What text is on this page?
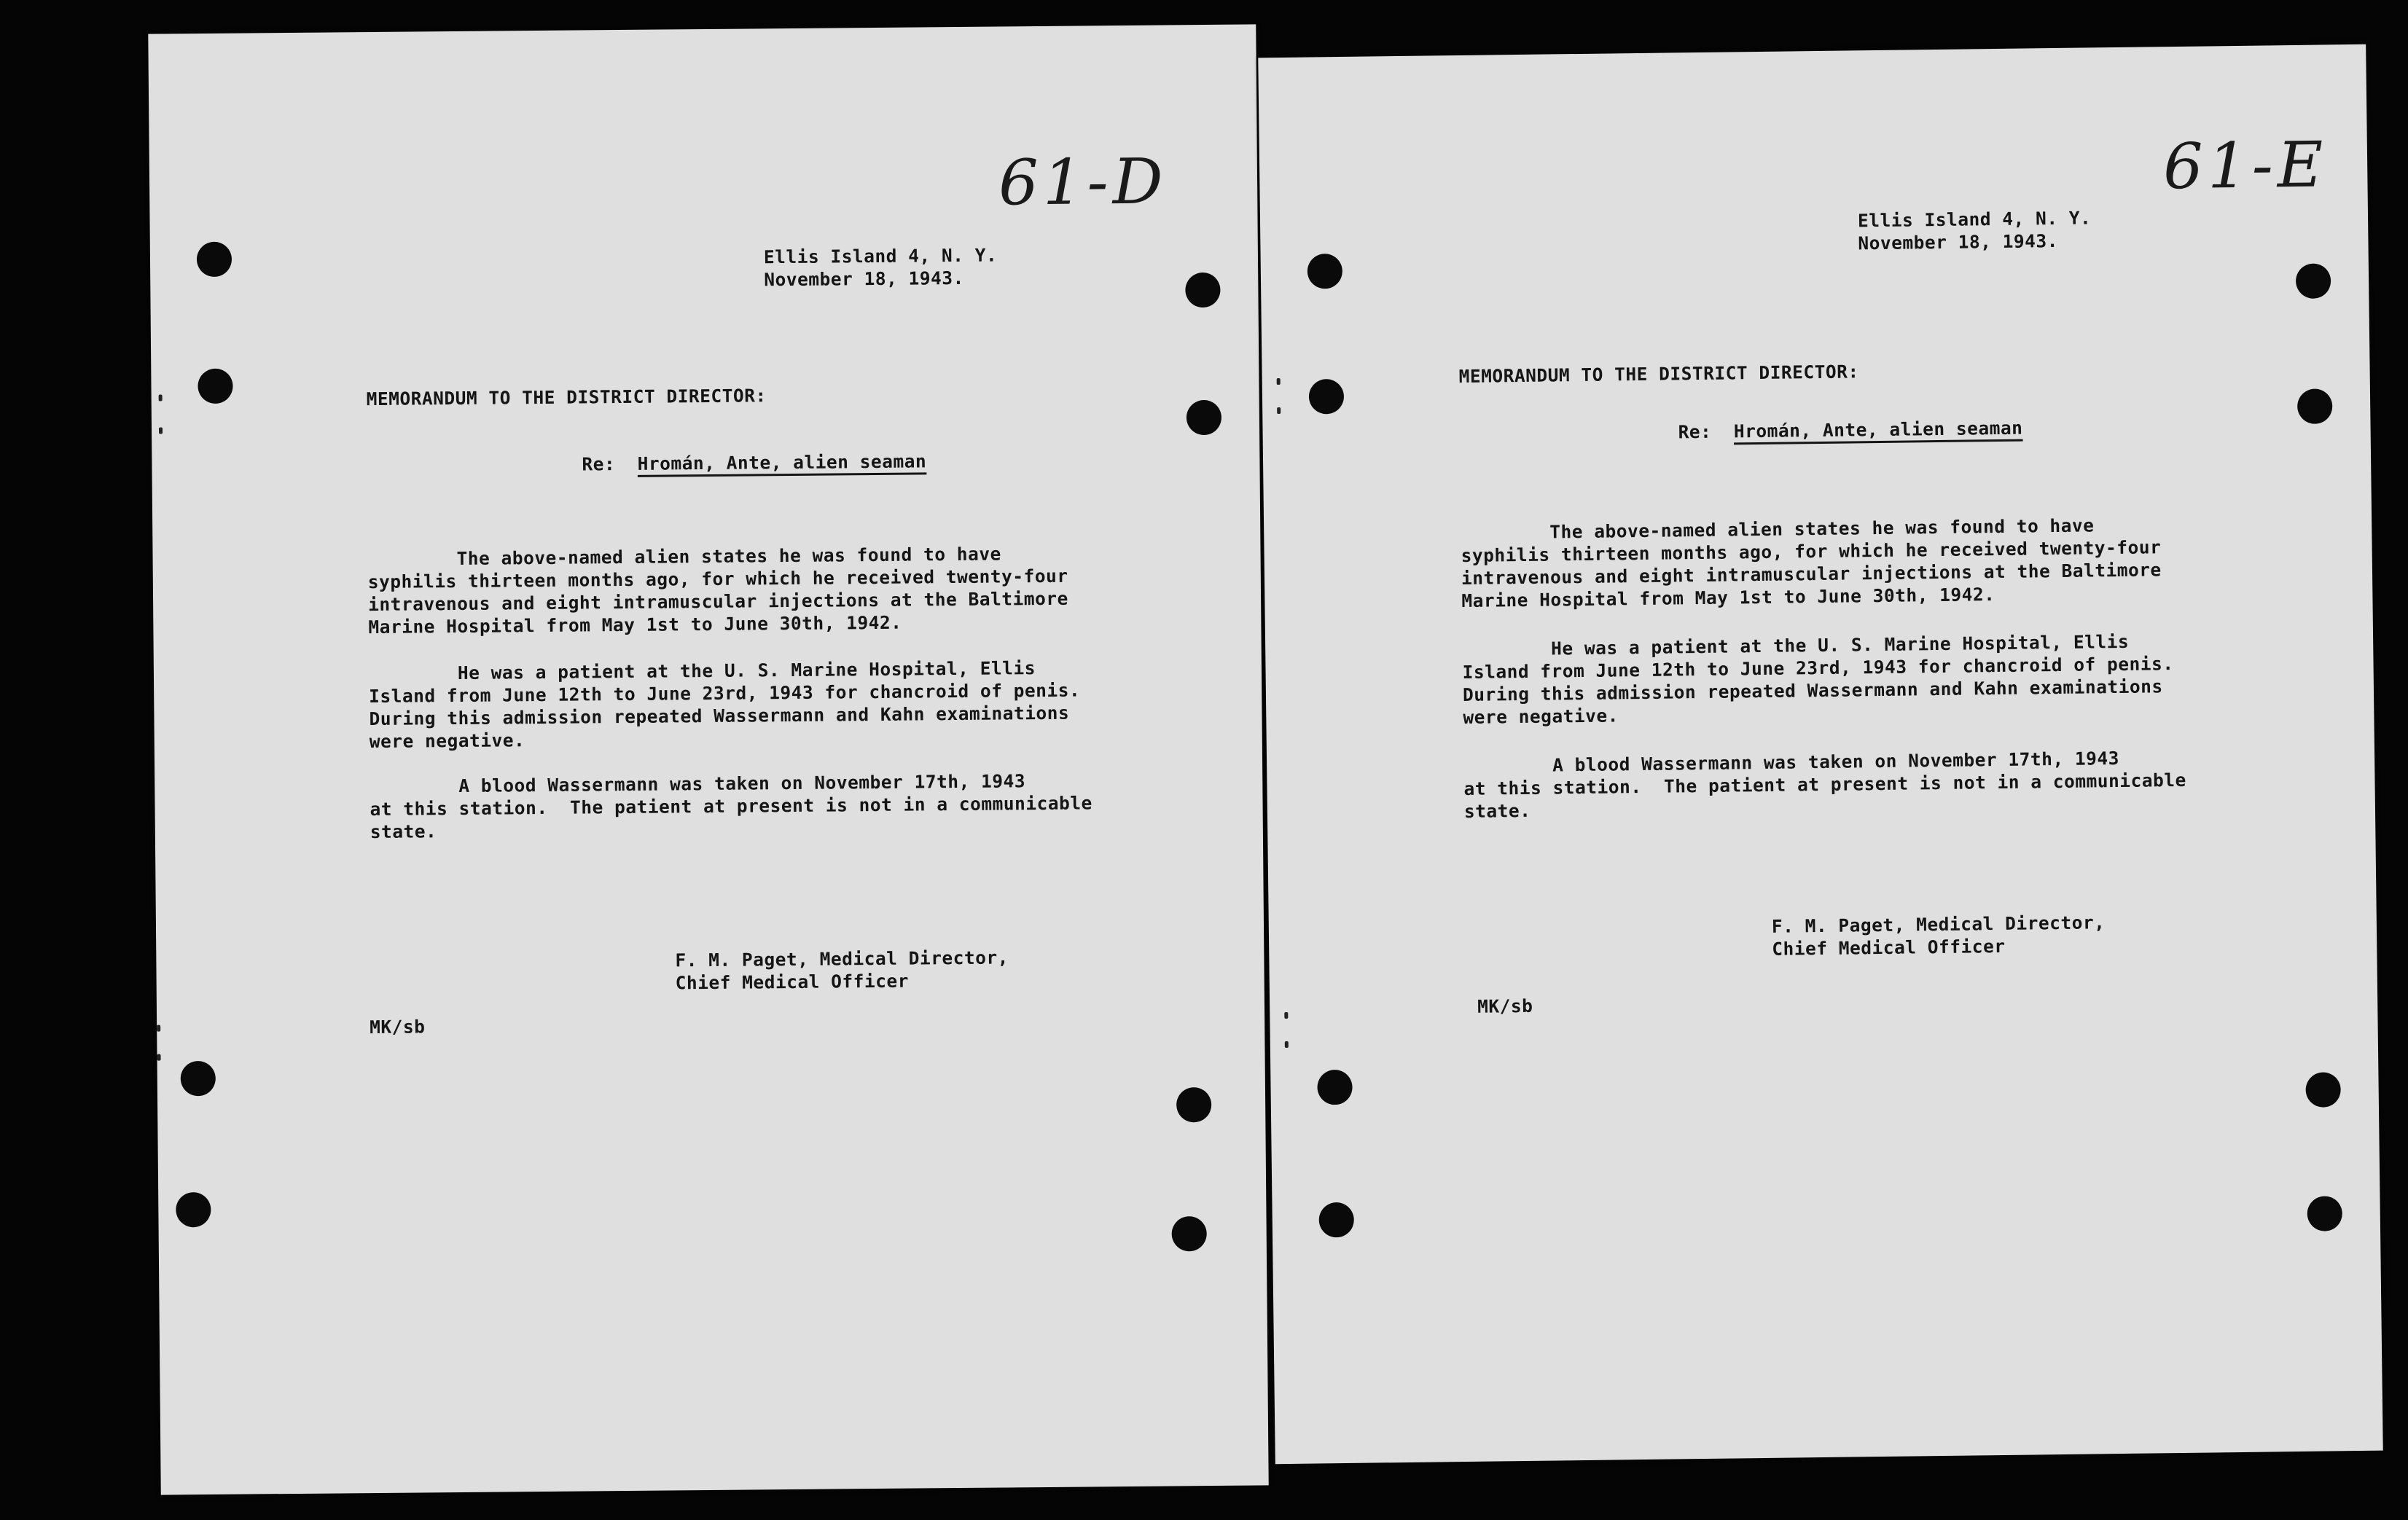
61-D
Ellis Island 4, N. Y.
November 18, 1943.
MEMORANDUM TO THE DISTRICT DIRECTOR:
Re: Hromán, Ante, alien seaman
The above-named alien states he was found to have
syphilis thirteen months ago, for which he received twenty-four
intravenous and eight intramuscular injections at the Baltimore
Marine Hospital from May 1st to June 30th, 1942.
He was a patient at the U. S. Marine Hospital, Ellis
Island from June 12th to June 23rd, 1943 for chancroid of penis.
During this admission repeated Wassermann and Kahn examinations
were negative.
A blood Wassermann was taken on November 17th, 1943
at this station.  The patient at present is not in a communicable
state.
F. M. Paget, Medical Director,
Chief Medical Officer
MK/sb
61-E
Ellis Island 4, N. Y.
November 18, 1943.
MEMORANDUM TO THE DISTRICT DIRECTOR:
Re: Hromán, Ante, alien seaman
The above-named alien states he was found to have
syphilis thirteen months ago, for which he received twenty-four
intravenous and eight intramuscular injections at the Baltimore
Marine Hospital from May 1st to June 30th, 1942.
He was a patient at the U. S. Marine Hospital, Ellis
Island from June 12th to June 23rd, 1943 for chancroid of penis.
During this admission repeated Wassermann and Kahn examinations
were negative.
A blood Wassermann was taken on November 17th, 1943
at this station.  The patient at present is not in a communicable
state.
F. M. Paget, Medical Director,
Chief Medical Officer
MK/sb
